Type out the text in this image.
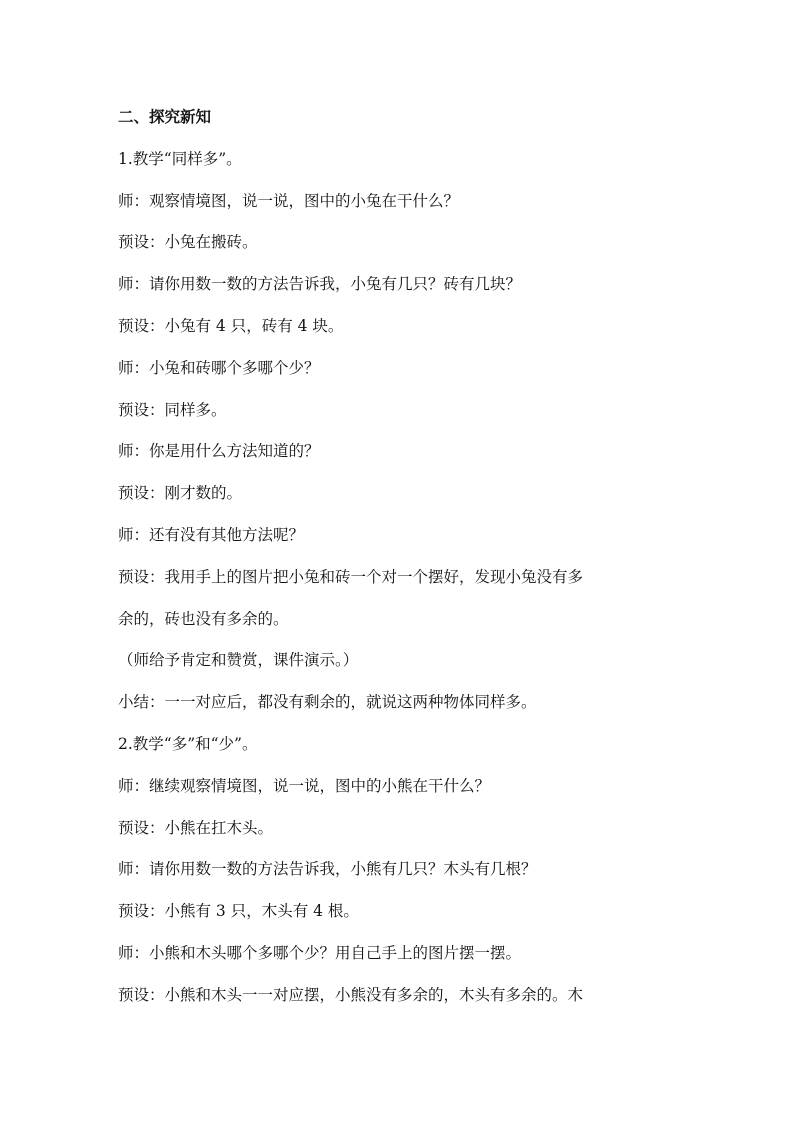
二、探究新知
1.教学“同样多”。
师：观察情境图，说一说，图中的小兔在干什么？
预设：小兔在搬砖。
师：请你用数一数的方法告诉我，小兔有几只？砖有几块？
预设：小兔有 4 只，砖有 4 块。
师：小兔和砖哪个多哪个少？
预设：同样多。
师：你是用什么方法知道的？
预设：刚才数的。
师：还有没有其他方法呢？
预设：我用手上的图片把小兔和砖一个对一个摆好，发现小兔没有多
余的，砖也没有多余的。
（师给予肯定和赞赏，课件演示。）
小结：一一对应后，都没有剩余的，就说这两种物体同样多。
2.教学“多”和“少”。
师：继续观察情境图，说一说，图中的小熊在干什么？
预设：小熊在扛木头。
师：请你用数一数的方法告诉我，小熊有几只？木头有几根？
预设：小熊有 3 只，木头有 4 根。
师：小熊和木头哪个多哪个少？用自己手上的图片摆一摆。
预设：小熊和木头一一对应摆，小熊没有多余的，木头有多余的。木
